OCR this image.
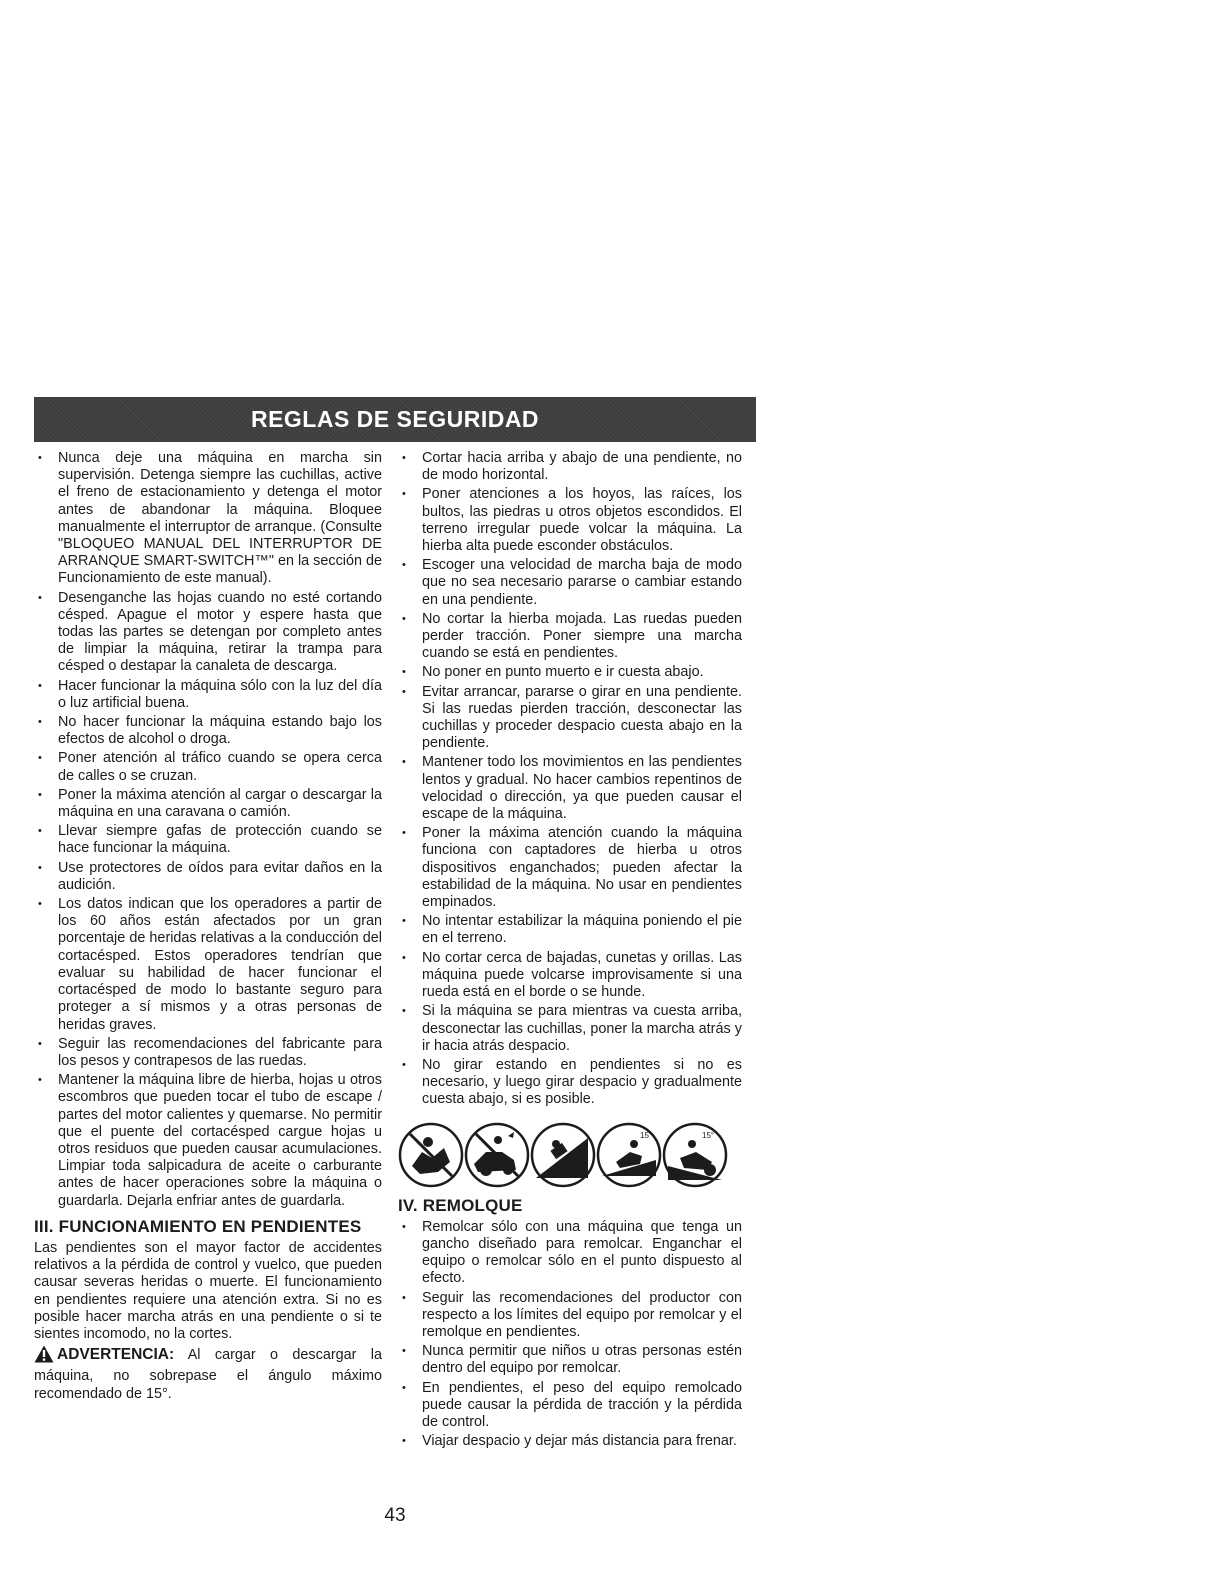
REGLAS DE SEGURIDAD
• Nunca deje una máquina en marcha sin supervisión. Detenga siempre las cuchillas, active el freno de estacionamiento y detenga el motor antes de abandonar la máquina. Bloquee manualmente el interruptor de arranque. (Consulte "BLOQUEO MANUAL DEL INTERRUPTOR DE ARRANQUE SMART-SWITCH™" en la sección de Funcionamiento de este manual).
• Desenganche las hojas cuando no esté cortando césped. Apague el motor y espere hasta que todas las partes se detengan por completo antes de limpiar la máquina, retirar la trampa para césped o destapar la canaleta de descarga.
• Hacer funcionar la máquina sólo con la luz del día o luz artificial buena.
• No hacer funcionar la máquina estando bajo los efectos de alcohol o droga.
• Poner atención al tráfico cuando se opera cerca de calles o se cruzan.
• Poner la máxima atención al cargar o descargar la máquina en una caravana o camión.
• Llevar siempre gafas de protección cuando se hace funcionar la máquina.
• Use protectores de oídos para evitar daños en la audición.
• Los datos indican que los operadores a partir de los 60 años están afectados por un gran porcentaje de heridas relativas a la conducción del cortacésped. Estos operadores tendrían que evaluar su habilidad de hacer funcionar el cortacésped de modo lo bastante seguro para proteger a sí mismos y a otras personas de heridas graves.
• Seguir las recomendaciones del fabricante para los pesos y contrapesos de las ruedas.
• Mantener la máquina libre de hierba, hojas u otros escombros que pueden tocar el tubo de escape / partes del motor calientes y quemarse. No permitir que el puente del cortacésped cargue hojas u otros residuos que pueden causar acumulaciones. Limpiar toda salpicadura de aceite o carburante antes de hacer operaciones sobre la máquina o guardarla. Dejarla enfriar antes de guardarla.
III. FUNCIONAMIENTO EN PENDIENTES

Las pendientes son el mayor factor de accidentes relativos a la pérdida de control y vuelco, que pueden causar severas heridas o muerte. El funcionamiento en pendientes requiere una atención extra. Si no es posible hacer marcha atrás en una pendiente o si te sientes incomodo, no la cortes.

ADVERTENCIA: Al cargar o descargar la máquina, no sobrepase el ángulo máximo recomendado de 15°.

• Cortar hacia arriba y abajo de una pendiente, no de modo horizontal.
• Poner atenciones a los hoyos, las raíces, los bultos, las piedras u otros objetos escondidos. El terreno irregular puede volcar la máquina. La hierba alta puede esconder obstáculos.
• Escoger una velocidad de marcha baja de modo que no sea necesario pararse o cambiar estando en una pendiente.
• No cortar la hierba mojada. Las ruedas pueden perder tracción. Poner siempre una marcha cuando se está en pendientes.
• No poner en punto muerto e ir cuesta abajo.
• Evitar arrancar, pararse o girar en una pendiente. Si las ruedas pierden tracción, desconectar las cuchillas y proceder despacio cuesta abajo en la pendiente.
• Mantener todo los movimientos en las pendientes lentos y gradual. No hacer cambios repentinos de velocidad o dirección, ya que pueden causar el escape de la máquina.
• Poner la máxima atención cuando la máquina funciona con captadores de hierba u otros dispositivos enganchados; pueden afectar la estabilidad de la máquina. No usar en pendientes empinados.
• No intentar estabilizar la máquina poniendo el pie en el terreno.
• No cortar cerca de bajadas, cunetas y orillas. Las máquina puede volcarse improvisamente si una rueda está en el borde o se hunde.
• Si la máquina se para mientras va cuesta arriba, desconectar las cuchillas, poner la marcha atrás y ir hacia atrás despacio.
• No girar estando en pendientes si no es necesario, y luego girar despacio y gradualmente cuesta abajo, si es posible.
15°	15°
IV. REMOLQUE
• Remolcar sólo con una máquina que tenga un gancho diseñado para remolcar. Enganchar el equipo o remolcar sólo en el punto dispuesto al efecto.
• Seguir las recomendaciones del productor con respecto a los límites del equipo por remolcar y el remolque en pendientes.
• Nunca permitir que niños u otras personas estén dentro del equipo por remolcar.
• En pendientes, el peso del equipo remolcado puede causar la pérdida de tracción y la pérdida de control.
• Viajar despacio y dejar más distancia para frenar.
43
